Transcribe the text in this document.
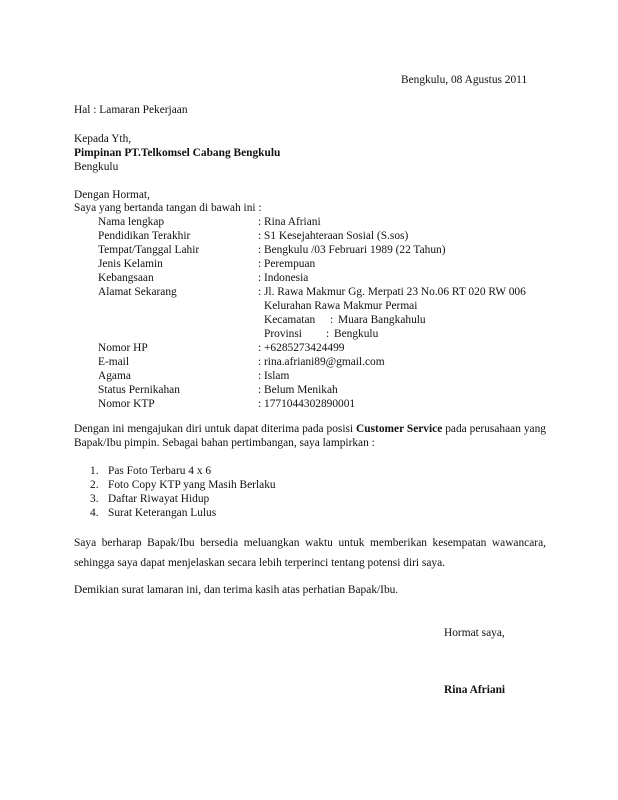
Bengkulu, 08 Agustus 2011
Hal : Lamaran Pekerjaan
Kepada Yth,
Pimpinan PT.Telkomsel Cabang Bengkulu
Bengkulu
Dengan Hormat,
Saya yang bertanda tangan di bawah ini :
Nama lengkap	: Rina Afriani
Pendidikan Terakhir	: S1 Kesejahteraan Sosial (S.sos)
Tempat/Tanggal Lahir	: Bengkulu /03 Februari 1989 (22 Tahun)
Jenis Kelamin	: Perempuan
Kebangsaan	: Indonesia
Alamat Sekarang	: Jl. Rawa Makmur Gg. Merpati 23 No.06 RT 020 RW 006
Kelurahan Rawa Makmur Permai
Kecamatan : Muara Bangkahulu
Provinsi : Bengkulu
Nomor HP	: +6285273424499
E-mail	: rina.afriani89@gmail.com
Agama	: Islam
Status Pernikahan	: Belum Menikah
Nomor KTP	: 1771044302890001
Dengan ini mengajukan diri untuk dapat diterima pada posisi Customer Service pada perusahaan yang Bapak/Ibu pimpin. Sebagai bahan pertimbangan, saya lampirkan :
1. Pas Foto Terbaru 4 x 6
2. Foto Copy KTP yang Masih Berlaku
3. Daftar Riwayat Hidup
4. Surat Keterangan Lulus
Saya berharap Bapak/Ibu bersedia meluangkan waktu untuk memberikan kesempatan wawancara, sehingga saya dapat menjelaskan secara lebih terperinci tentang potensi diri saya.
Demikian surat lamaran ini, dan terima kasih atas perhatian Bapak/Ibu.
Hormat saya,
Rina Afriani
